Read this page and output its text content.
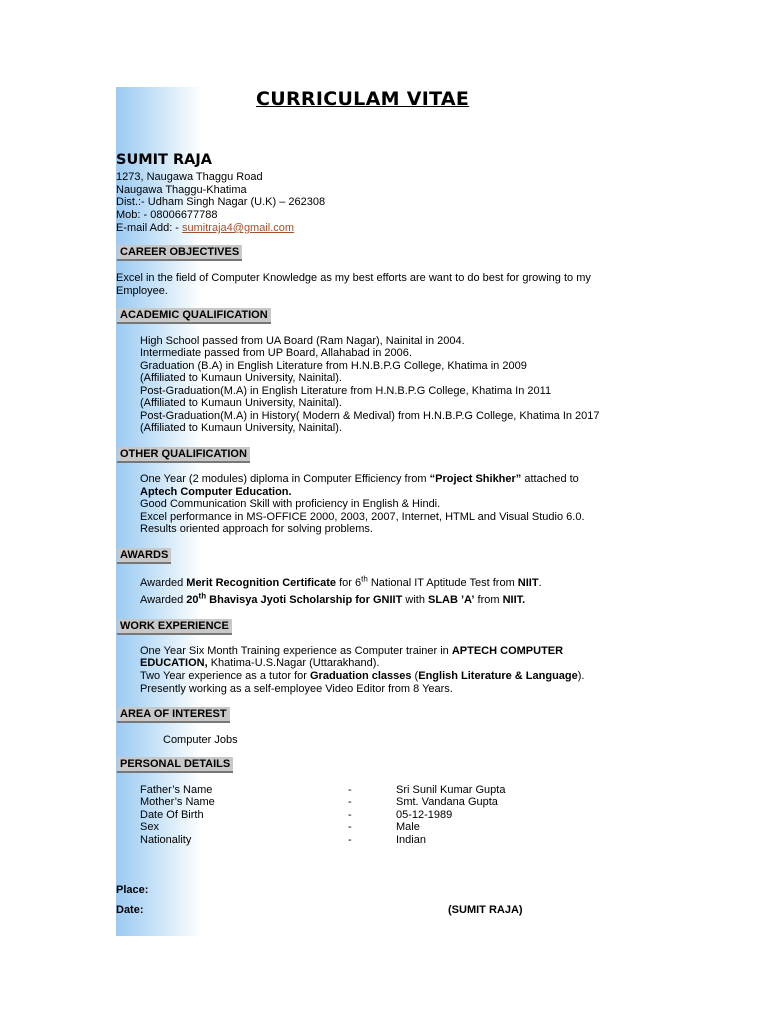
CURRICULAM VITAE
SUMIT RAJA
1273, Naugawa Thaggu Road
Naugawa Thaggu-Khatima
Dist.:- Udham Singh Nagar (U.K) – 262308
Mob: - 08006677788
E-mail Add: - sumitraja4@gmail.com
CAREER OBJECTIVES
Excel in the field of Computer Knowledge as my best efforts are want to do best for growing to my
Employee.
ACADEMIC QUALIFICATION
High School passed from UA Board (Ram Nagar), Nainital in 2004.
Intermediate passed from UP Board, Allahabad in 2006.
Graduation (B.A) in English Literature from H.N.B.P.G College, Khatima in 2009
(Affiliated to Kumaun University, Nainital).
Post-Graduation(M.A) in English Literature from H.N.B.P.G College, Khatima In 2011
(Affiliated to Kumaun University, Nainital).
Post-Graduation(M.A) in History( Modern & Medival) from H.N.B.P.G College, Khatima In 2017
(Affiliated to Kumaun University, Nainital).
OTHER QUALIFICATION
One Year (2 modules) diploma in Computer Efficiency from “Project Shikher” attached to
Aptech Computer Education.
Good Communication Skill with proficiency in English & Hindi.
Excel performance in MS-OFFICE 2000, 2003, 2007, Internet, HTML and Visual Studio 6.0.
Results oriented approach for solving problems.
AWARDS
Awarded Merit Recognition Certificate for 6th National IT Aptitude Test from NIIT.
Awarded 20th Bhavisya Jyoti Scholarship for GNIIT with SLAB ’A’ from NIIT.
WORK EXPERIENCE
One Year Six Month Training experience as Computer trainer in APTECH COMPUTER
EDUCATION, Khatima-U.S.Nagar (Uttarakhand).
Two Year experience as a tutor for Graduation classes (English Literature & Language).
Presently working as a self-employee Video Editor from 8 Years.
AREA OF INTEREST
Computer Jobs
PERSONAL DETAILS
Father’s Name	-	Sri Sunil Kumar Gupta
Mother’s Name	-	Smt. Vandana Gupta
Date Of Birth	-	05-12-1989
Sex	-	Male
Nationality	-	Indian
Place:
Date:	(SUMIT RAJA)
